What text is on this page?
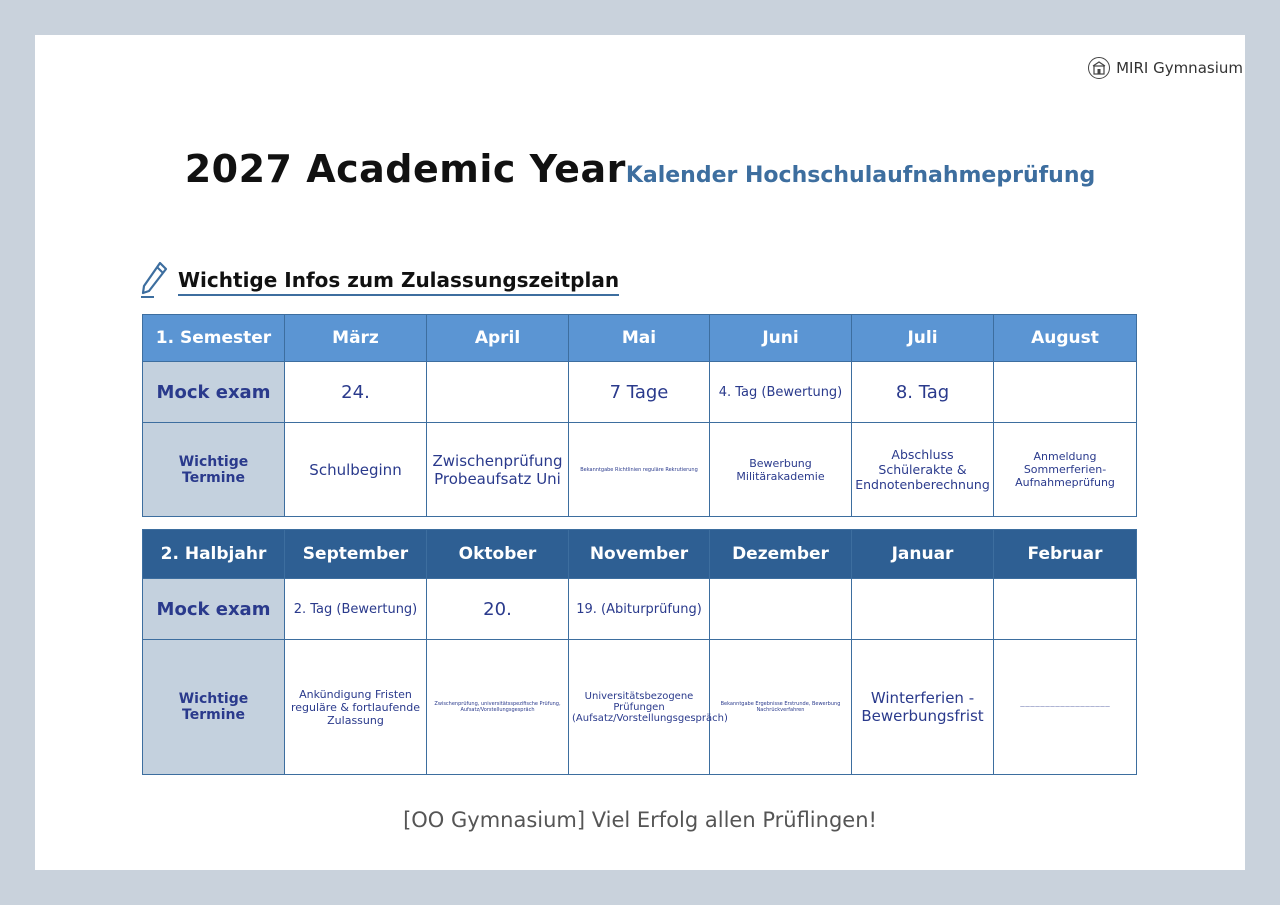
MIRI Gymnasium
2027 Academic YearKalender Hochschulaufnahmeprüfung
Wichtige Infos zum Zulassungszeitplan
1. Semester	März	April	Mai	Juni	Juli	August
Mock exam	24.		7 Tage	4. Tag (Bewertung)	8. Tag	
Wichtige Termine	Schulbeginn	Zwischenprüfung Probeaufsatz Uni	Bekanntgabe Richtlinien reguläre Rekrutierung	Bewerbung Militärakademie	Abschluss Schülerakte & Endnotenberechnung	Anmeldung Sommerferien-Aufnahmeprüfung
2. Halbjahr	September	Oktober	November	Dezember	Januar	Februar
Mock exam	2. Tag (Bewertung)	20.	19. (Abiturprüfung)			
Wichtige Termine	Ankündigung Fristen reguläre & fortlaufende Zulassung	Zwischenprüfung, universitätsspezifische Prüfung, Aufsatz/Vorstellungsgespräch	Universitätsbezogene Prüfungen (Aufsatz/Vorstellungsgespräch)	Bekanntgabe Ergebnisse Erstrunde, Bewerbung Nachrückverfahren	Winterferien -Bewerbungsfrist	——————————————————
[OO Gymnasium] Viel Erfolg allen Prüflingen!
